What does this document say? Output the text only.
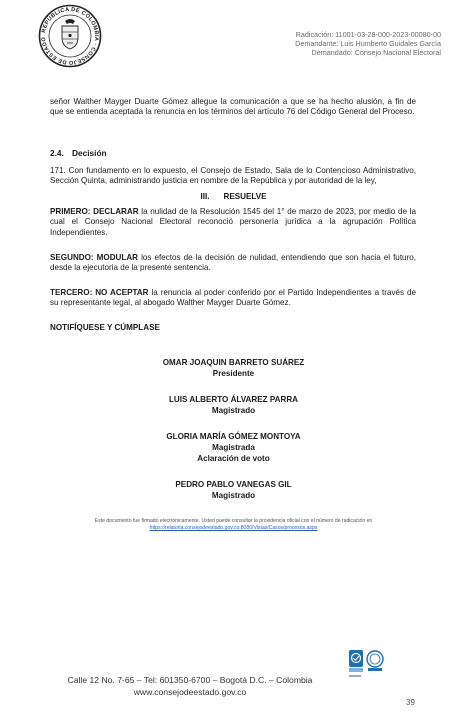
REPÚBLICA DE COLOMBIA · CONSEJO DE ESTADO
Radicación: 11001-03-28-000-2023-00080-00
Demandante: Luis Humberto Guidales García
Demandado: Consejo Nacional Electoral
señor Walther Mayger Duarte Gómez allegue la comunicación a que se ha hecho alusión, a fin de que se entienda aceptada la renuncia en los términos del artículo 76 del Código General del Proceso.
2.4. Decisión
171. Con fundamento en lo expuesto, el Consejo de Estado, Sala de lo Contencioso Administrativo, Sección Quinta, administrando justicia en nombre de la República y por autoridad de la ley,
III. RESUELVE
PRIMERO: DECLARAR la nulidad de la Resolución 1545 del 1° de marzo de 2023, por medio de la cual el Consejo Nacional Electoral reconoció personería jurídica a la agrupación Política Independientes.
SEGUNDO: MODULAR los efectos de la decisión de nulidad, entendiendo que son hacia el futuro, desde la ejecutoria de la presente sentencia.
TERCERO: NO ACEPTAR la renuncia al poder conferido por el Partido Independientes a través de su representante legal, al abogado Walther Mayger Duarte Gómez.
NOTIFÍQUESE Y CÚMPLASE
OMAR JOAQUIN BARRETO SUÁREZ
Presidente
LUIS ALBERTO ÁLVAREZ PARRA
Magistrado
GLORIA MARÍA GÓMEZ MONTOYA
Magistrada
Aclaración de voto
PEDRO PABLO VANEGAS GIL
Magistrado
Este documento fue firmado electrónicamente. Usted puede consultar la providencia oficial con el número de radicación en
https://relatoria.consejodeestado.gov.co:8080/Vistas/Casos/procesos.aspx
Calle 12 No. 7-65 – Tel: 601350-6700 – Bogotá D.C. – Colombia
www.consejodeestado.gov.co
39
